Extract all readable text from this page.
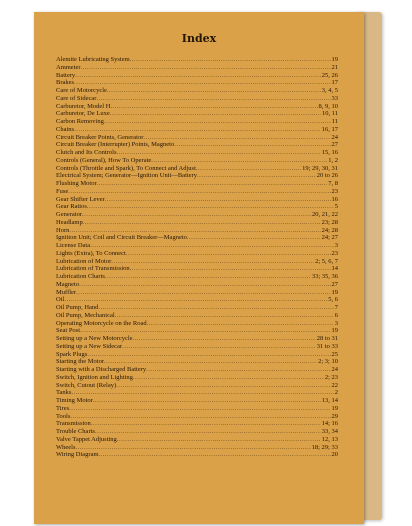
Index
Alemite Lubricating System .....	19
Ammeter .....	21
Battery .....	25, 26
Brakes .....	17
Care of Motorcycle .....	3, 4, 5
Care of Sidecar .....	33
Carburetor, Model H .....	8, 9, 10
Carburetor, De Luxe .....	10, 11
Carbon Removing .....	11
Chains .....	16, 17
Circuit Breaker Points, Generator .....	24
Circuit Breaker (Interrupter) Points, Magneto .....	27
Clutch and Its Controls .....	15, 16
Controls (General), How To Operate .....	1, 2
Controls (Throttle and Spark), To Connect and Adjust .....	19; 29, 30, 31
Electrical System; Generator—Ignition Unit—Battery .....	20 to 26
Flushing Motor .....	7, 8
Fuse .....	23
Gear Shifter Lever .....	16
Gear Ratios .....	5
Generator .....	20, 21, 22
Headlamp .....	23; 28
Horn .....	24; 28
Ignition Unit; Coil and Circuit Breaker—Magneto .....	24; 27
License Data .....	3
Lights (Extra), To Connect .....	23
Lubrication of Motor .....	2; 5, 6, 7
Lubrication of Transmission .....	14
Lubrication Charts .....	33; 35, 36
Magneto .....	27
Muffler .....	19
Oil .....	5, 6
Oil Pump, Hand .....	7
Oil Pump, Mechanical .....	6
Operating Motorcycle on the Road .....	3
Seat Post .....	19
Setting up a New Motorcycle .....	28 to 31
Setting up a New Sidecar .....	31 to 33
Spark Plugs .....	25
Starting the Motor .....	2; 3; 10
Starting with a Discharged Battery .....	24
Switch, Ignition and Lighting .....	2; 23
Switch, Cutout (Relay) .....	22
Tanks .....	2
Timing Motor .....	13, 14
Tires .....	19
Tools .....	29
Transmission .....	14; 16
Trouble Charts .....	33, 34
Valve Tappet Adjusting .....	12, 13
Wheels .....	18; 29; 33
Wiring Diagram .....	20
